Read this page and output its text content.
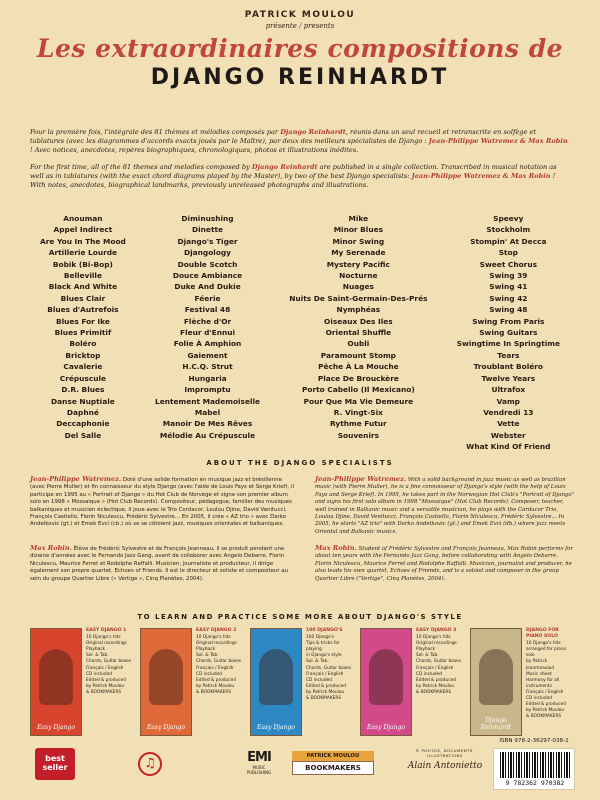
PATRICK MOULOU
présente / presents
Les extraordinaires compositions de
DJANGO REINHARDT
Pour la première fois, l'intégrale des 81 thèmes et mélodies composés par Django Reinhardt, réunis dans un seul recueil et retranscrite en solfège et tablatures (avec les diagrammes d'accords exacts joués par le Maître), par deux des meilleurs spécialistes de Django : Jean-Philippe Watremez & Max Robin ! Avec notices, anecdotes, repères biographiques, chronologiques, photos et illustrations inédites.
For the first time, all of the 81 themes and melodies composed by Django Reinhardt are published in a single collection. Transcribed in musical notation as well as in tablatures (with the exact chord diagrams played by the Master), by two of the best Django specialists: Jean-Philippe Watremez & Max Robin ! With notes, anecdotes, biographical landmarks, previously unreleased photographs and illustrations.
Anouman
Appel Indirect
Are You In The Mood
Artillerie Lourde
Bobik (Bi-Bop)
Belleville
Black And White
Blues Clair
Blues d'Autrefois
Blues For Ike
Blues Primitif
Boléro
Bricktop
Cavalerie
Crépuscule
D.R. Blues
Danse Nuptiale
Daphné
Deccaphonie
Del Salle
Diminushing
Dinette
Django's Tiger
Djangology
Double Scotch
Douce Ambiance
Duke And Dukie
Féerie
Festival 48
Flèche d'Or
Fleur d'Ennui
Folie À Amphion
Gaiement
H.C.Q. Strut
Hungaria
Impromptu
Lentement Mademoiselle
Mabel
Manoir De Mes Rêves
Mélodie Au Crépuscule
Mike
Minor Blues
Minor Swing
My Serenade
Mystery Pacific
Nocturne
Nuages
Nuits De Saint-Germain-Des-Prés
Nymphéas
Oiseaux Des Iles
Oriental Shuffle
Oubli
Paramount Stomp
Pêche À La Mouche
Place De Brouckère
Porto Cabello (Il Mexicano)
Pour Que Ma Vie Demeure
R. Vingt-Six
Rythme Futur
Souvenirs
Speevy
Stockholm
Stompin' At Decca
Stop
Sweet Chorus
Swing 39
Swing 41
Swing 42
Swing 48
Swing From Paris
Swing Guitars
Swingtime In Springtime
Tears
Troublant Boléro
Twelve Years
Ultrafox
Vamp
Vendredi 13
Vette
Webster
What Kind Of Friend
ABOUT THE DJANGO SPECIALISTS
Jean-Philippe Watremez. Doté d'une solide formation en musique jazz et brésilienne (avec Pierre Muller) et fin connaisseur du style Django (avec l'aide de Louis Fays et Serge Krief), il participe en 1995 au « Portrait of Django » du Hot Club de Norvège et signe son premier album solo en 1998 « Mossaique » (Hot Club Records). Compositeur, pédagogue, familier des musiques balkaniques et musicien éclectique, il joue avec le Trio Cordacor, Loulou Djine, David Venitucci, François Castiello, Florin Niculescu, Frédéric Sylvestre… En 2005, il crée « AZ trio » avec Darko Andelkovic (gt.) et Emek Evci (cb.) où se se côtoient jazz, musiques orientales et balkaniques.
Max Robin. Élève de Frédéric Sylvestre et de François Jeanneau, il se produit pendant une dizaine d'années avec le Fernando Jazz Gang, avant de collaborer avec Angelo Debarre, Florin Niculescu, Maurice Ferret et Rodolphe Raffalli. Musicien, journaliste et producteur, il dirige également son propre quartet, Echoes of Friends. Il est le directeur et soliste et compositeur au sein du groupe Quartier Libre (« Vertige », Cinq Planètes, 2004).
Jean-Philippe Watremez. With a solid background in jazz music as well as brazilian music (with Pierre Muller), he is a fine connoisseur of Django's style (with the help of Louis Fays and Serge Krief). In 1995, he takes part in the Norwegian Hot Club's "Portrait of Django" and signs his first solo album in 1998 "Mossaique" (Hot Club Records). Composer, teacher, well trained in Balkanic music and a versatile musician, he plays with the Cordacor Trio, Loulou Djine, David Venitucci, François Castiello, Florin Niculescu, Frédéric Sylvestre… In 2005, he starts "AZ trio" with Darko Andelkovic (gt.) and Emek Evci (db.) where jazz meets Oriental and Balkanic musics.
Max Robin. Student of Frédéric Sylvestre and François Jeanneau, Max Robin performs for about ten years with the Fernando Jazz Gang, before collaborating with Angelo Debarre, Florin Niculescu, Maurice Ferret and Rodolphe Raffalli. Musician, journalist and producer, he also leads his own quartet, Echoes of Friends, and is a soloist and composer in the group Quartier Libre ("Vertige", Cinq Planètes, 2004).
TO LEARN AND PRACTICE SOME MORE ABOUT DJANGO'S STYLE
Easy Django
EASY DJANGO 1
10 Django's hits
Original recordings
Playback
Sol. & Tab.
Chords, Guitar boxes
Français / English
CD included
Edited & produced
by Patrick Moulou
& BOOKMAKERS
Easy Django
EASY DJANGO 2
10 Django's hits
Original recordings
Playback
Sol. & Tab.
Chords, Guitar boxes
Français / English
CD included
Edited & produced
by Patrick Moulou
& BOOKMAKERS
Easy Django
100 DJANGO'S
100 Django's
Tips & tricks for playing
in Django's style
Sol. & Tab.
Chords, Guitar boxes
Français / English
CD included
Edited & produced
by Patrick Moulou
& BOOKMAKERS
Easy Django
EASY DJANGO 3
10 Django's hits
Original recordings
Playback
Sol. & Tab.
Chords, Guitar boxes
Français / English
CD included
Edited & produced
by Patrick Moulou
& BOOKMAKERS
Django Reinhardt
DJANGO FOR PIANO SOLO
10 Django's hits
arranged for piano solo
by Patrick Jeanmeaulud
Music sheet
Harmony for all instruments
Français / English
CD included
Edited & produced
by Patrick Moulou
& BOOKMAKERS
best seller	♫	EMI
MUSIC PUBLISHING
PATRICK MOULOU
BOOKMAKERS
© PHOTOS, DOCUMENTS, ILLUSTRATIONS
Alain Antonietto
ISBN 978-2-36297-038-2
9 782362 970382
